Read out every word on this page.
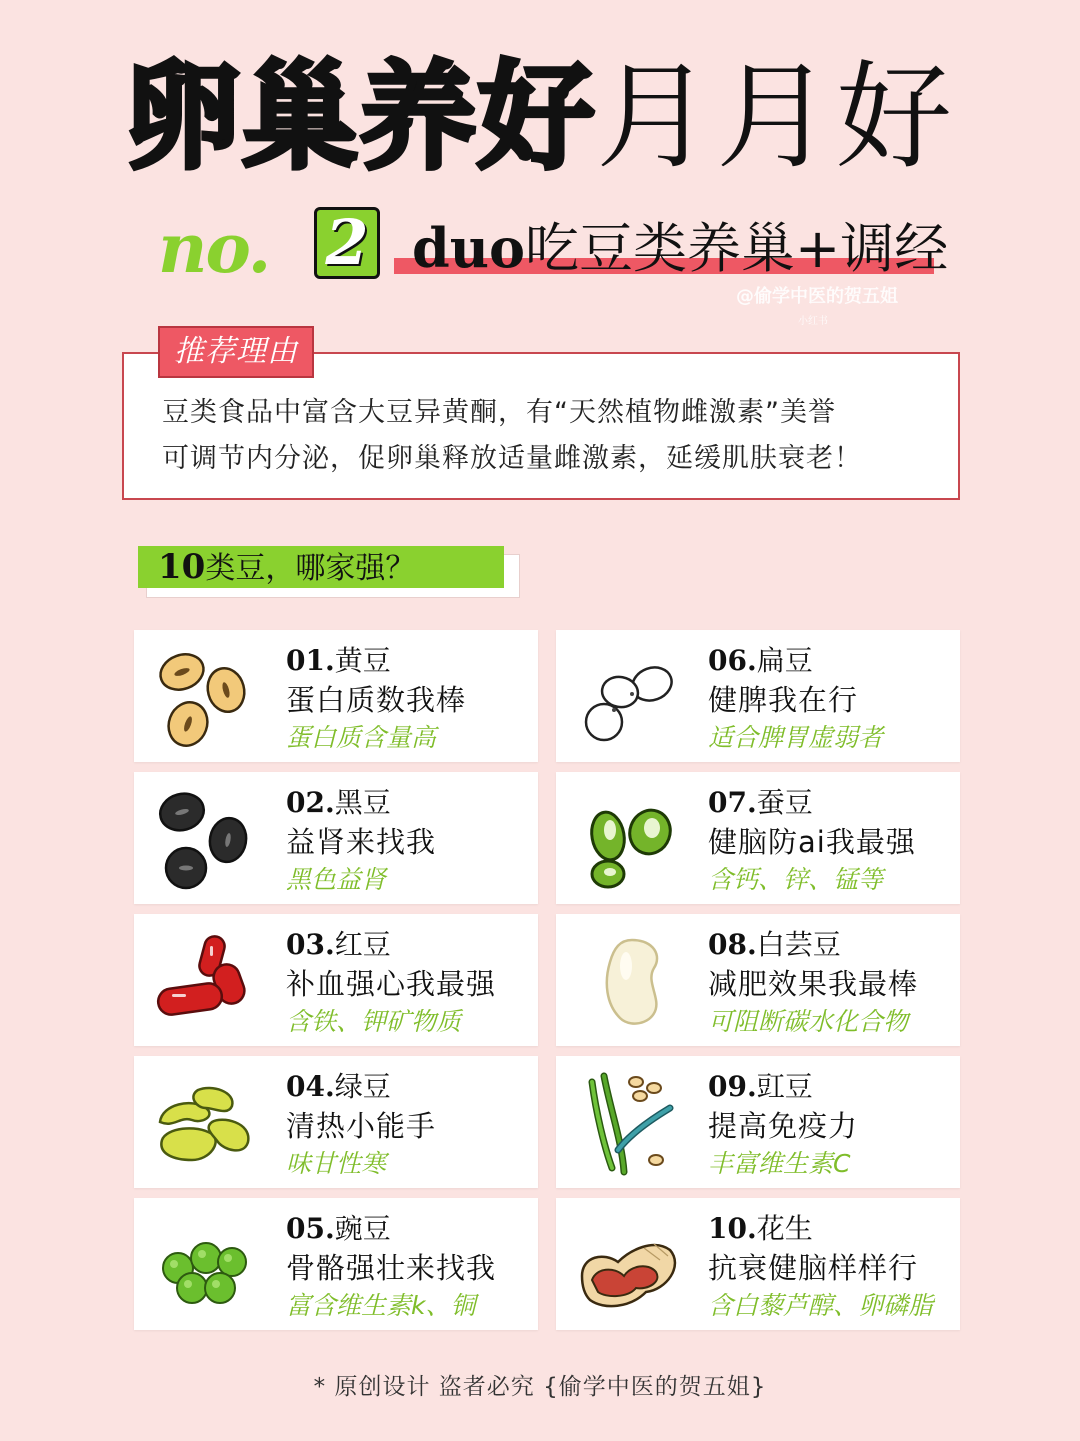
卵巢养好月月好
no. 2 duo吃豆类养巢+调经
@偷学中医的贺五姐
小红书
推荐理由
豆类食品中富含大豆异黄酮，有“天然植物雌激素”美誉
可调节内分泌，促卵巢释放适量雌激素，延缓肌肤衰老！
10类豆，哪家强？
01.黄豆
蛋白质数我棒
蛋白质含量高
02.黑豆
益肾来找我
黑色益肾
03.红豆
补血强心我最强
含铁、钾矿物质
04.绿豆
清热小能手
味甘性寒
05.豌豆
骨骼强壮来找我
富含维生素k、铜
06.扁豆
健脾我在行
适合脾胃虚弱者
07.蚕豆
健脑防ai我最强
含钙、锌、锰等
08.白芸豆
减肥效果我最棒
可阻断碳水化合物
09.豇豆
提高免疫力
丰富维生素C
10.花生
抗衰健脑样样行
含白藜芦醇、卵磷脂
* 原创设计 盗者必究 {偷学中医的贺五姐}
